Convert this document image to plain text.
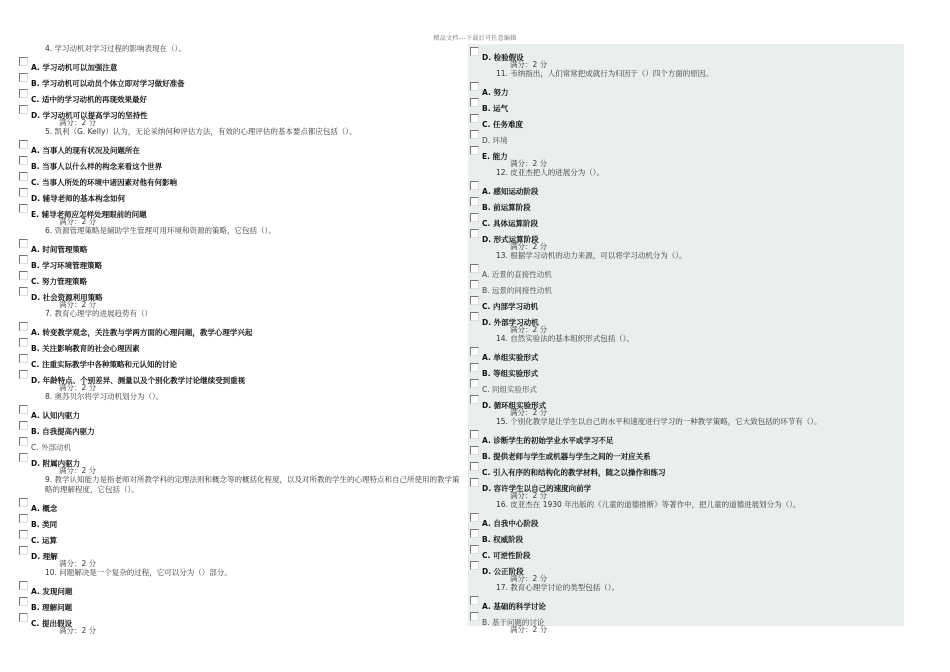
精品文档---下载后可任意编辑
4. 学习动机对学习过程的影响表现在（）。
A. 学习动机可以加强注意
B. 学习动机可以动员个体立即对学习做好准备
C. 适中的学习动机的再现效果最好
D. 学习动机可以提高学习的坚持性
满分：2 分
5. 凯利（G. Kelly）认为，无论采纳何种评估方法，有效的心理评估的基本要点都应包括（）。
A. 当事人的现有状况及问题所在
B. 当事人以什么样的构念来看这个世界
C. 当事人所处的环境中诸因素对他有何影响
D. 辅导老师的基本构念如何
E. 辅导老师应怎样处理眼前的问题
满分：2 分
6. 资源管理策略是辅助学生管理可用环境和资源的策略，它包括（）。
A. 时间管理策略
B. 学习环境管理策略
C. 努力管理策略
D. 社会资源利用策略
满分：2 分
7. 教育心理学的进展趋势有（）
A. 转变教学观念，关注教与学两方面的心理问题，教学心理学兴起
B. 关注影响教育的社会心理因素
C. 注重实际教学中各种策略和元认知的讨论
D. 年龄特点、个别差异、测量以及个别化教学讨论继续受到重视
满分：2 分
8. 奥苏贝尔将学习动机划分为（）。
A. 认知内驱力
B. 自我提高内驱力
C. 外部动机
D. 附属内驱力
满分：2 分
9. 教学认知能力是指老师对所教学科的定理法则和概念等的概括化程度，以及对所教的学生的心理特点和自己所使用的教学策略的理解程度，它包括（）。
A. 概念
B. 类同
C. 运算
D. 理解
满分：2 分
10. 问题解决是一个复杂的过程，它可以分为（）部分。
A. 发现问题
B. 理解问题
C. 提出假设
满分：2 分
D. 检验假设
满分：2 分
11. 韦纳指出，人们常常把成就行为归因于（）四个方面的原因。
A. 努力
B. 运气
C. 任务难度
D. 环境
E. 能力
满分：2 分
12. 皮亚杰把人的进展分为（）。
A. 感知运动阶段
B. 前运算阶段
C. 具体运算阶段
D. 形式运算阶段
满分：2 分
13. 根据学习动机的动力来源，可以将学习动机分为（）。
A. 近景的直接性动机
B. 远景的间接性动机
C. 内部学习动机
D. 外部学习动机
满分：2 分
14. 自然实验法的基本组织形式包括（）。
A. 单组实验形式
B. 等组实验形式
C. 同组实验形式
D. 循环组实验形式
满分：2 分
15. 个别化教学是让学生以自己的水平和速度进行学习的一种教学策略，它大致包括的环节有（）。
A. 诊断学生的初始学业水平或学习不足
B. 提供老师与学生或机器与学生之间的一对应关系
C. 引入有序的和结构化的教学材料，随之以操作和练习
D. 容许学生以自己的速度向前学
满分：2 分
16. 皮亚杰在 1930 年出版的《儿童的道德推断》等著作中，把儿童的道德进展划分为（）。
A. 自我中心阶段
B. 权威阶段
C. 可逆性阶段
D. 公正阶段
满分：2 分
17. 教育心理学讨论的类型包括（）。
A. 基础的科学讨论
B. 基于问题的讨论
满分：2 分
